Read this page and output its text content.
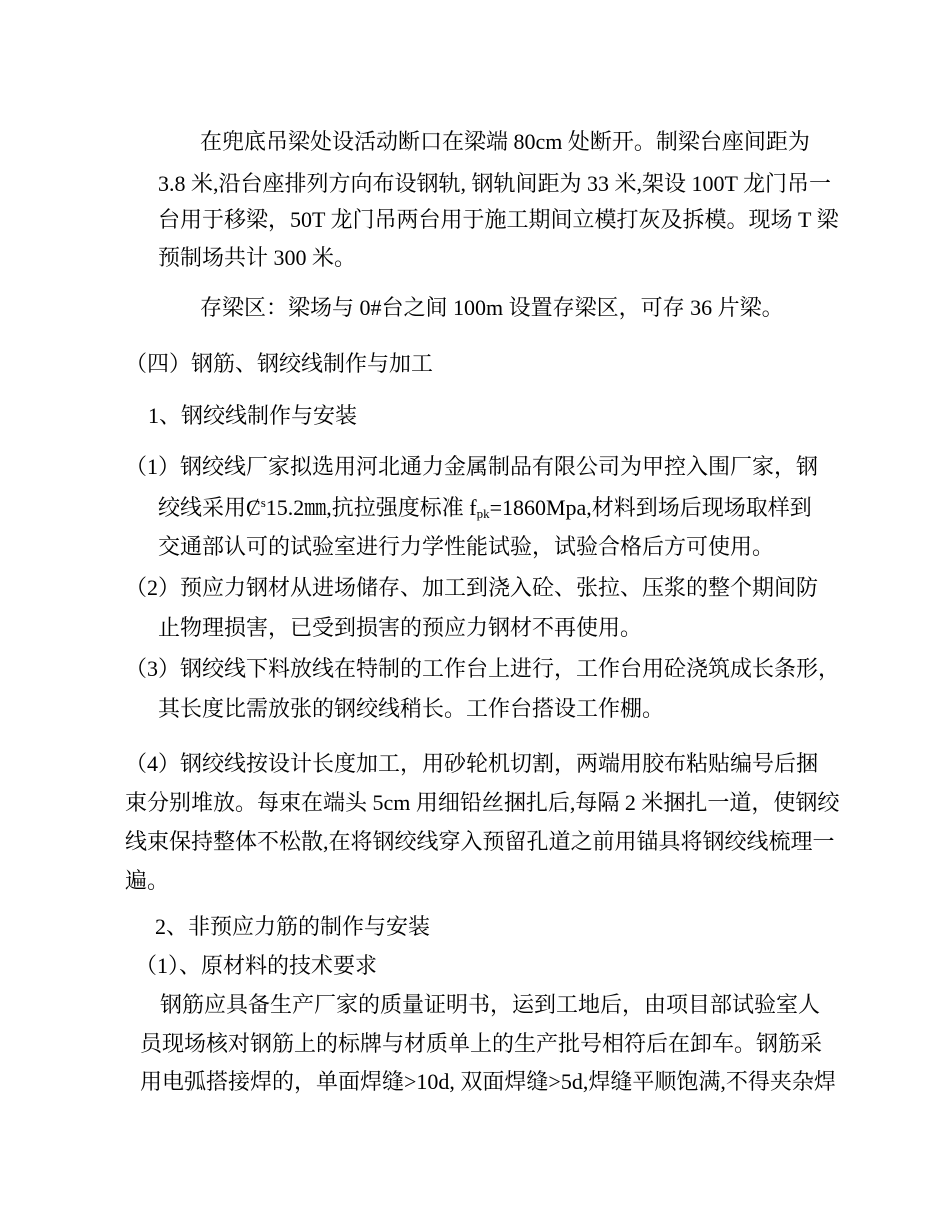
在兜底吊梁处设活动断口在梁端 80cm 处断开。制梁台座间距为
3.8 米,沿台座排列方向布设钢轨, 钢轨间距为 33 米,架设 100T 龙门吊一
台用于移梁，50T 龙门吊两台用于施工期间立模打灰及拆模。现场 T 梁
预制场共计 300 米。
存梁区：梁场与 0#台之间 100m 设置存梁区，可存 36 片梁。
（四）钢筋、钢绞线制作与加工
1、钢绞线制作与安装
（1）钢绞线厂家拟选用河北通力金属制品有限公司为甲控入围厂家，钢
绞线采用$Ȼ^s15.2㎜$,抗拉强度标准 $f_{pk}=1860Mpa$,材料到场后现场取样到
交通部认可的试验室进行力学性能试验，试验合格后方可使用。
（2）预应力钢材从进场储存、加工到浇入砼、张拉、压浆的整个期间防
止物理损害，已受到损害的预应力钢材不再使用。
（3）钢绞线下料放线在特制的工作台上进行，工作台用砼浇筑成长条形，
其长度比需放张的钢绞线稍长。工作台搭设工作棚。
（4）钢绞线按设计长度加工，用砂轮机切割，两端用胶布粘贴编号后捆
束分别堆放。每束在端头 5cm 用细铅丝捆扎后,每隔 2 米捆扎一道，使钢绞
线束保持整体不松散,在将钢绞线穿入预留孔道之前用锚具将钢绞线梳理一
遍。
2、非预应力筋的制作与安装
（1）、原材料的技术要求
钢筋应具备生产厂家的质量证明书，运到工地后，由项目部试验室人
员现场核对钢筋上的标牌与材质单上的生产批号相符后在卸车。钢筋采
用电弧搭接焊的，单面焊缝>10d, 双面焊缝>5d,焊缝平顺饱满,不得夹杂焊
